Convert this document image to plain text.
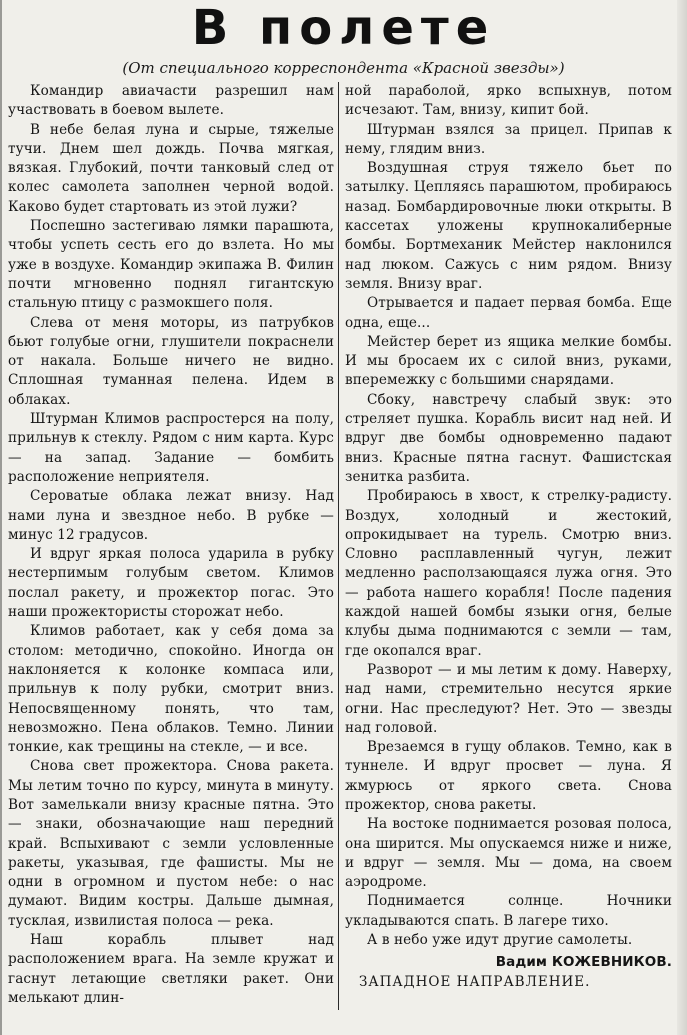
В полете
(От специального корреспондента «Красной звезды»)

Командир авиачасти разрешил нам участвовать в боевом вылете.

В небе белая луна и сырые, тяжелые тучи. Днем шел дождь. Почва мягкая, вязкая. Глубокий, почти танковый след от колес самолета заполнен черной водой. Каково будет стартовать из этой лужи?

Поспешно застегиваю лямки парашюта, чтобы успеть сесть его до взлета. Но мы уже в воздухе. Командир экипажа В. Филин почти мгновенно поднял гигантскую стальную птицу с размокшего поля.

Слева от меня моторы, из патрубков бьют голубые огни, глушители покраснели от накала. Больше ничего не видно. Сплошная туманная пелена. Идем в облаках.

Штурман Климов распростерся на полу, прильнув к стеклу. Рядом с ним карта. Курс — на запад. Задание — бомбить расположение неприятеля.

Сероватые облака лежат внизу. Над нами луна и звездное небо. В рубке — минус 12 градусов.

И вдруг яркая полоса ударила в рубку нестерпимым голубым светом. Климов послал ракету, и прожектор погас. Это наши прожектористы сторожат небо.

Климов работает, как у себя дома за столом: методично, спокойно. Иногда он наклоняется к колонке компаса или, прильнув к полу рубки, смотрит вниз. Непосвященному понять, что там, невозможно. Пена облаков. Темно. Линии тонкие, как трещины на стекле, — и все.

Снова свет прожектора. Снова ракета. Мы летим точно по курсу, минута в минуту. Вот замелькали внизу красные пятна. Это — знаки, обозначающие наш передний край. Вспыхивают с земли условленные ракеты, указывая, где фашисты. Мы не одни в огромном и пустом небе: о нас думают. Видим костры. Дальше дымная, тусклая, извилистая полоса — река.

Наш корабль плывет над расположением врага. На земле кружат и гаснут летающие светляки ракет. Они мелькают длин-

ной параболой, ярко вспыхнув, потом исчезают. Там, внизу, кипит бой.

Штурман взялся за прицел. Припав к нему, глядим вниз.

Воздушная струя тяжело бьет по затылку. Цепляясь парашютом, пробираюсь назад. Бомбардировочные люки открыты. В кассетах уложены крупнокалиберные бомбы. Бортмеханик Мейстер наклонился над люком. Сажусь с ним рядом. Внизу земля. Внизу враг.

Отрывается и падает первая бомба. Еще одна, еще...

Мейстер берет из ящика мелкие бомбы. И мы бросаем их с силой вниз, руками, вперемежку с большими снарядами.

Сбоку, навстречу слабый звук: это стреляет пушка. Корабль висит над ней. И вдруг две бомбы одновременно падают вниз. Красные пятна гаснут. Фашистская зенитка разбита.

Пробираюсь в хвост, к стрелку-радисту. Воздух, холодный и жестокий, опрокидывает на турель. Смотрю вниз. Словно расплавленный чугун, лежит медленно расползающаяся лужа огня. Это — работа нашего корабля! После падения каждой нашей бомбы языки огня, белые клубы дыма поднимаются с земли — там, где окопался враг.

Разворот — и мы летим к дому. Наверху, над нами, стремительно несутся яркие огни. Нас преследуют? Нет. Это — звезды над головой.

Врезаемся в гущу облаков. Темно, как в туннеле. И вдруг просвет — луна. Я жмурюсь от яркого света. Снова прожектор, снова ракеты.

На востоке поднимается розовая полоса, она ширится. Мы опускаемся ниже и ниже, и вдруг — земля. Мы — дома, на своем аэродроме.

Поднимается солнце. Ночники укладываются спать. В лагере тихо.

А в небо уже идут другие самолеты.

Вадим КОЖЕВНИКОВ.
ЗАПАДНОЕ НАПРАВЛЕНИЕ.
